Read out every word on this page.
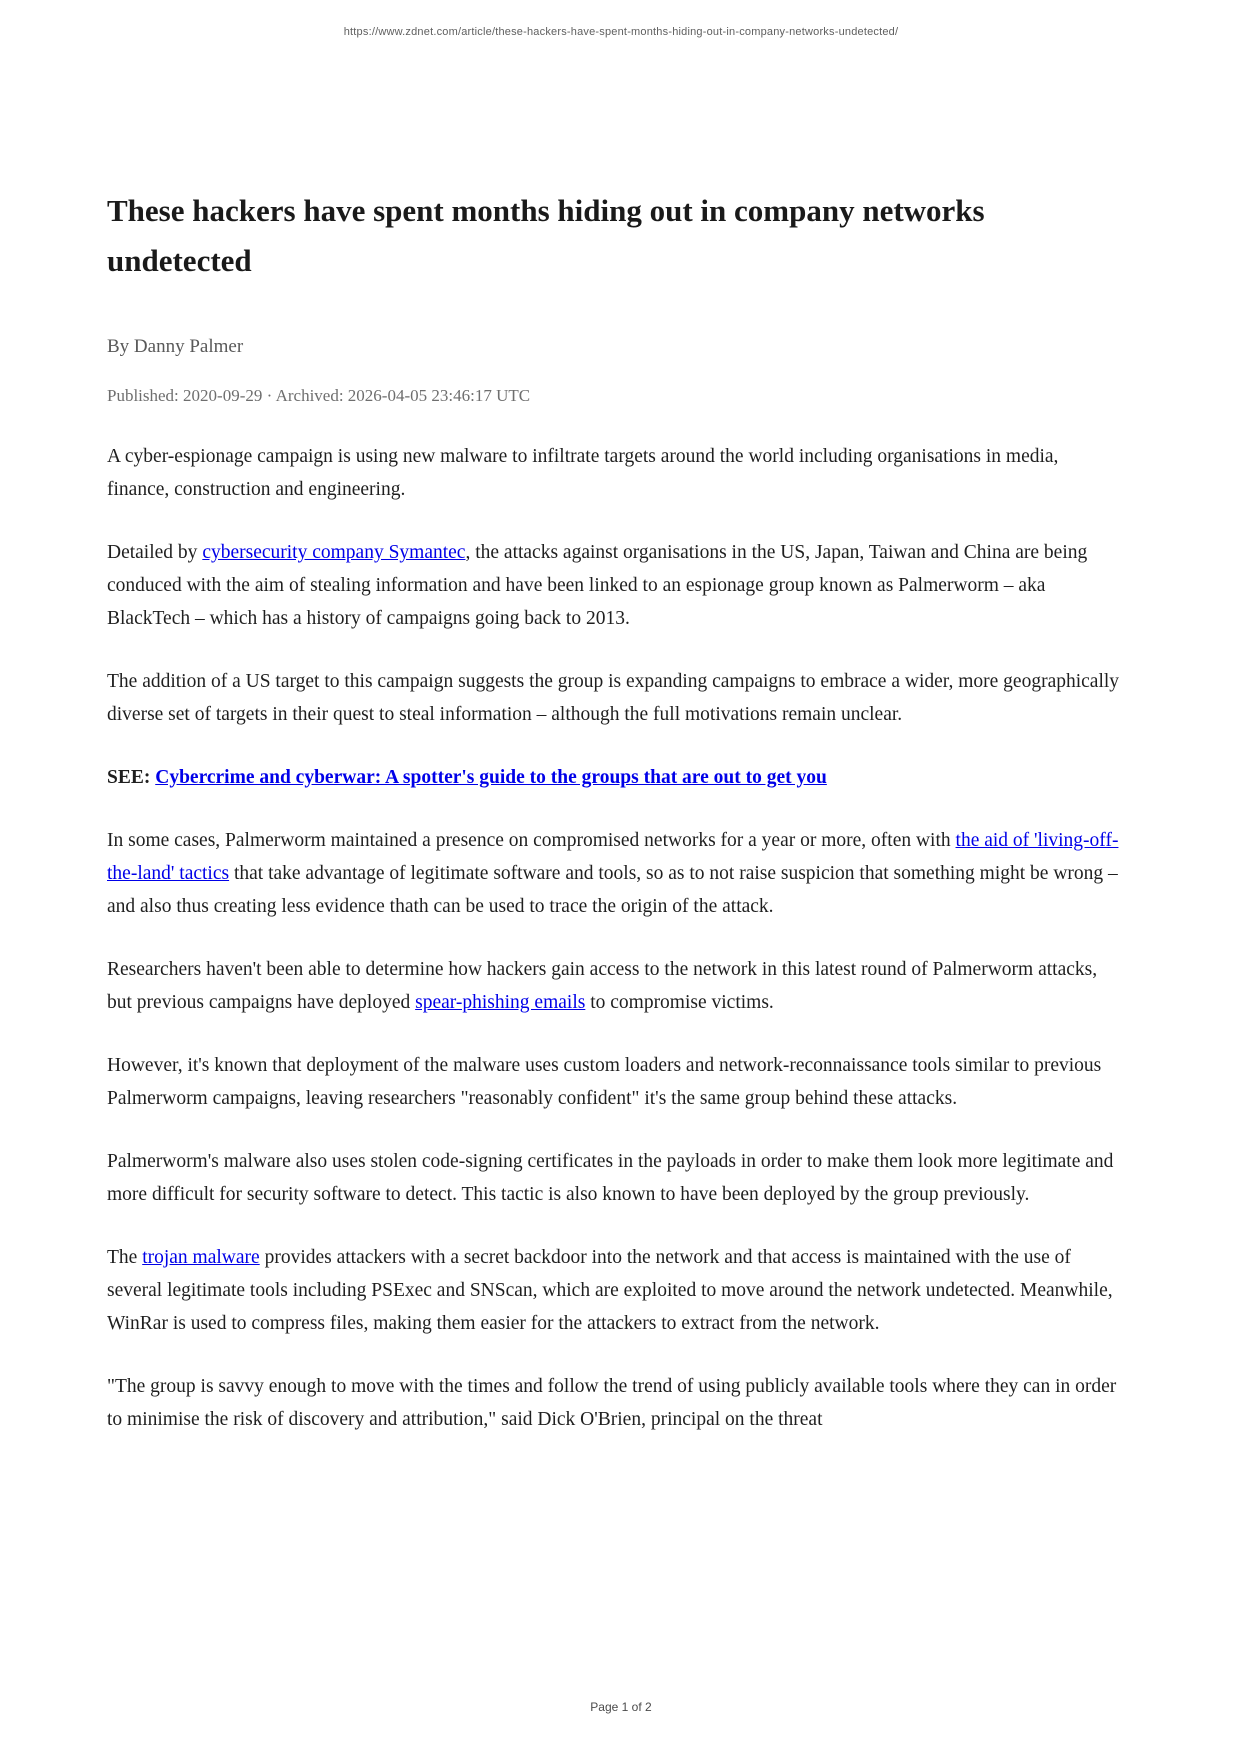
https://www.zdnet.com/article/these-hackers-have-spent-months-hiding-out-in-company-networks-undetected/
These hackers have spent months hiding out in company networks undetected
By Danny Palmer
Published: 2020-09-29 · Archived: 2026-04-05 23:46:17 UTC

A cyber-espionage campaign is using new malware to infiltrate targets around the world including organisations in media, finance, construction and engineering.

Detailed by cybersecurity company Symantec, the attacks against organisations in the US, Japan, Taiwan and China are being conduced with the aim of stealing information and have been linked to an espionage group known as Palmerworm – aka BlackTech – which has a history of campaigns going back to 2013.

The addition of a US target to this campaign suggests the group is expanding campaigns to embrace a wider, more geographically diverse set of targets in their quest to steal information – although the full motivations remain unclear.

SEE: Cybercrime and cyberwar: A spotter's guide to the groups that are out to get you

In some cases, Palmerworm maintained a presence on compromised networks for a year or more, often with the aid of 'living-off-the-land' tactics that take advantage of legitimate software and tools, so as to not raise suspicion that something might be wrong – and also thus creating less evidence thath can be used to trace the origin of the attack.

Researchers haven't been able to determine how hackers gain access to the network in this latest round of Palmerworm attacks, but previous campaigns have deployed spear-phishing emails to compromise victims.

However, it's known that deployment of the malware uses custom loaders and network-reconnaissance tools similar to previous Palmerworm campaigns, leaving researchers "reasonably confident" it's the same group behind these attacks.

Palmerworm's malware also uses stolen code-signing certificates in the payloads in order to make them look more legitimate and more difficult for security software to detect. This tactic is also known to have been deployed by the group previously.

The trojan malware provides attackers with a secret backdoor into the network and that access is maintained with the use of several legitimate tools including PSExec and SNScan, which are exploited to move around the network undetected. Meanwhile, WinRar is used to compress files, making them easier for the attackers to extract from the network.

"The group is savvy enough to move with the times and follow the trend of using publicly available tools where they can in order to minimise the risk of discovery and attribution," said Dick O'Brien, principal on the threat

Page 1 of 2
